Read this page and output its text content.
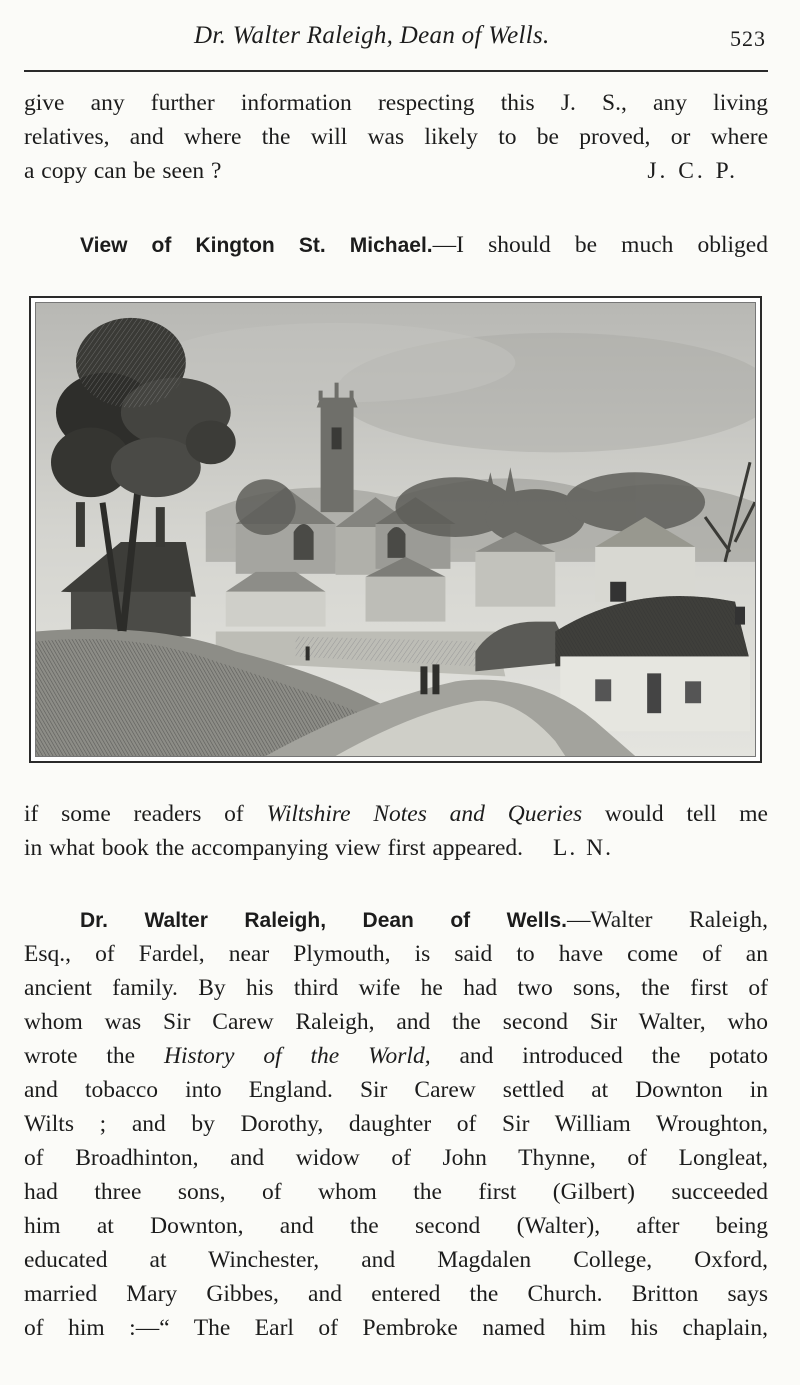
Dr. Walter Raleigh, Dean of Wells.	523
give any further information respecting this J. S., any living
relatives, and where the will was likely to be proved, or where
a copy can be seen ?	J. C. P.
View of Kington St. Michael.—I should be much obliged
if some readers of Wiltshire Notes and Queries would tell me
in what book the accompanying view first appeared. L. N.
Dr. Walter Raleigh, Dean of Wells.—Walter Raleigh,
Esq., of Fardel, near Plymouth, is said to have come of an
ancient family. By his third wife he had two sons, the first of
whom was Sir Carew Raleigh, and the second Sir Walter, who
wrote the History of the World, and introduced the potato
and tobacco into England. Sir Carew settled at Downton in
Wilts ; and by Dorothy, daughter of Sir William Wroughton,
of Broadhinton, and widow of John Thynne, of Longleat,
had three sons, of whom the first (Gilbert) succeeded
him at Downton, and the second (Walter), after being
educated at Winchester, and Magdalen College, Oxford,
married Mary Gibbes, and entered the Church. Britton says
of him :—“ The Earl of Pembroke named him his chaplain,
